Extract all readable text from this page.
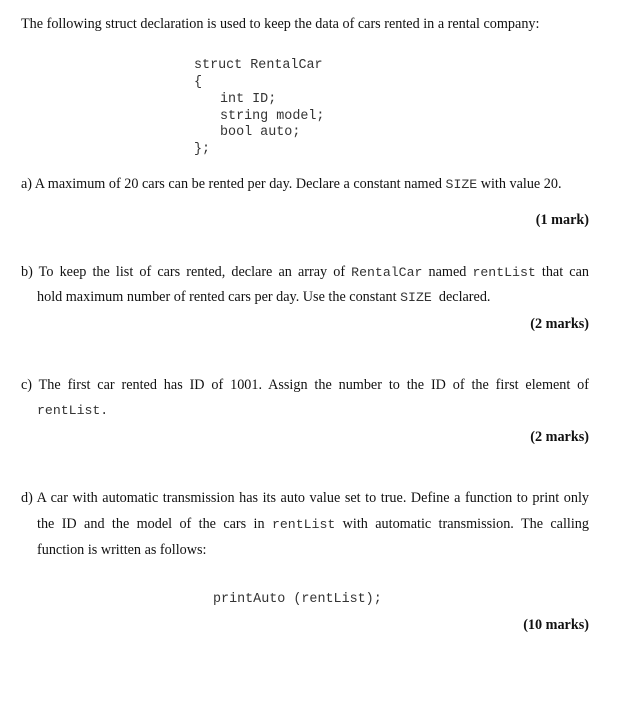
The following struct declaration is used to keep the data of cars rented in a rental company:
struct RentalCar
{
int ID;
string model;
bool auto;
};
a) A maximum of 20 cars can be rented per day. Declare a constant named SIZE with value 20.
(1 mark)
b) To keep the list of cars rented, declare an array of RentalCar named rentList that can
hold maximum number of rented cars per day. Use the constant SIZE  declared.
(2 marks)
c) The first car rented has ID of 1001. Assign the number to the ID of the first element of
rentList.
(2 marks)
d) A car with automatic transmission has its auto value set to true. Define a function to print only
the ID and the model of the cars in rentList with automatic transmission. The calling
function is written as follows:
printAuto (rentList);
(10 marks)
